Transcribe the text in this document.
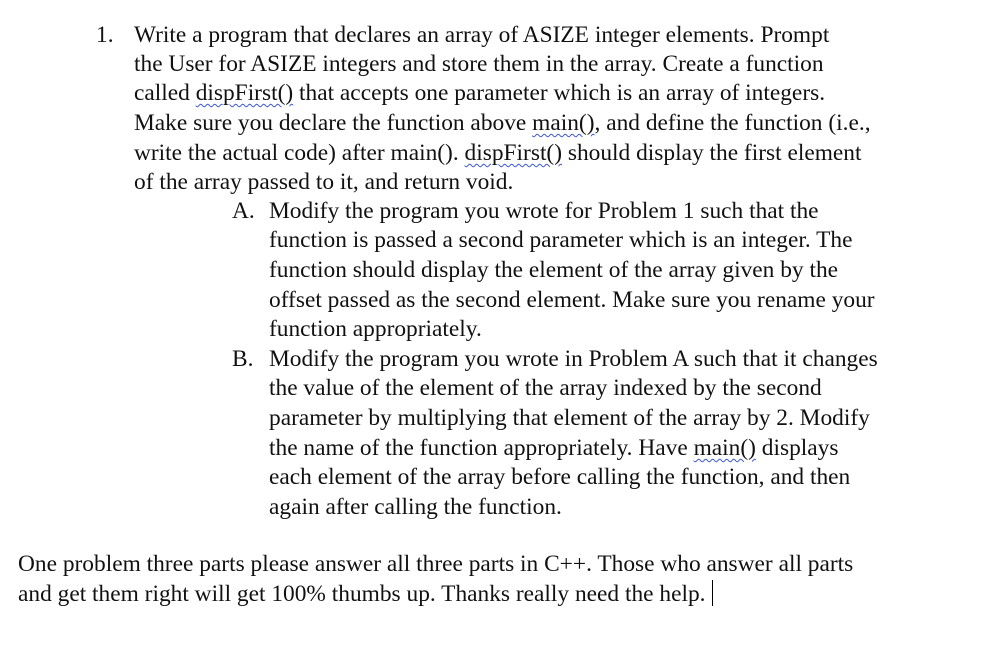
1. Write a program that declares an array of ASIZE integer elements. Prompt
the User for ASIZE integers and store them in the array. Create a function
called dispFirst() that accepts one parameter which is an array of integers.
Make sure you declare the function above main(), and define the function (i.e.,
write the actual code) after main(). dispFirst() should display the first element
of the array passed to it, and return void.
A. Modify the program you wrote for Problem 1 such that the
function is passed a second parameter which is an integer. The
function should display the element of the array given by the
offset passed as the second element. Make sure you rename your
function appropriately.
B. Modify the program you wrote in Problem A such that it changes
the value of the element of the array indexed by the second
parameter by multiplying that element of the array by 2. Modify
the name of the function appropriately. Have main() displays
each element of the array before calling the function, and then
again after calling the function.
One problem three parts please answer all three parts in C++. Those who answer all parts
and get them right will get 100% thumbs up. Thanks really need the help.
